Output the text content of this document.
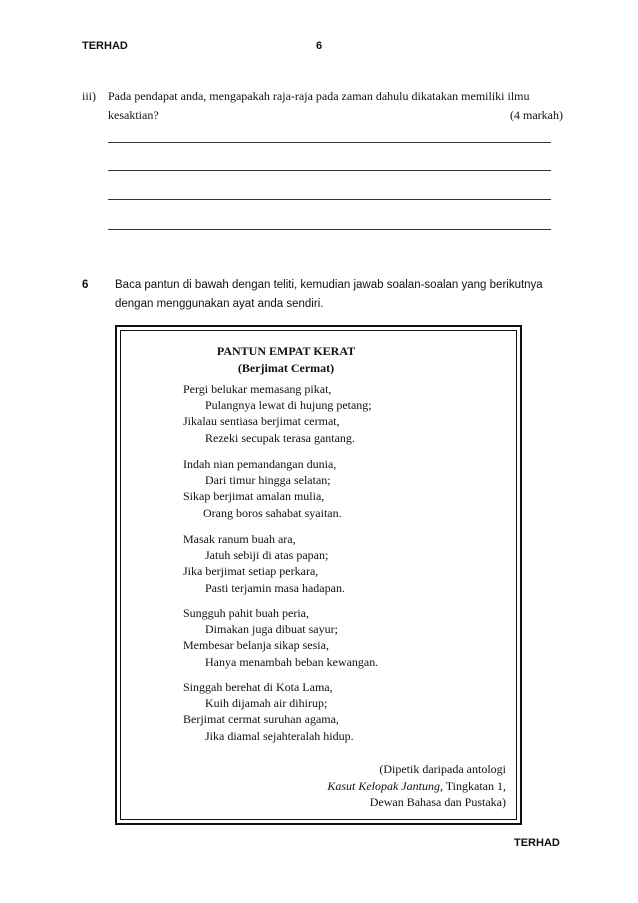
TERHAD	6
iii) Pada pendapat anda, mengapakah raja-raja pada zaman dahulu dikatakan memiliki ilmu
kesaktian?	(4 markah)
6 Baca pantun di bawah dengan teliti, kemudian jawab soalan-soalan yang berikutnya
dengan menggunakan ayat anda sendiri.
PANTUN EMPAT KERAT
(Berjimat Cermat)
Pergi belukar memasang pikat,
Pulangnya lewat di hujung petang;
Jikalau sentiasa berjimat cermat,
Rezeki secupak terasa gantang.
Indah nian pemandangan dunia,
Dari timur hingga selatan;
Sikap berjimat amalan mulia,
Orang boros sahabat syaitan.
Masak ranum buah ara,
Jatuh sebiji di atas papan;
Jika berjimat setiap perkara,
Pasti terjamin masa hadapan.
Sungguh pahit buah peria,
Dimakan juga dibuat sayur;
Membesar belanja sikap sesia,
Hanya menambah beban kewangan.
Singgah berehat di Kota Lama,
Kuih dijamah air dihirup;
Berjimat cermat suruhan agama,
Jika diamal sejahteralah hidup.
(Dipetik daripada antologi
Kasut Kelopak Jantung, Tingkatan 1,
Dewan Bahasa dan Pustaka)
TERHAD
